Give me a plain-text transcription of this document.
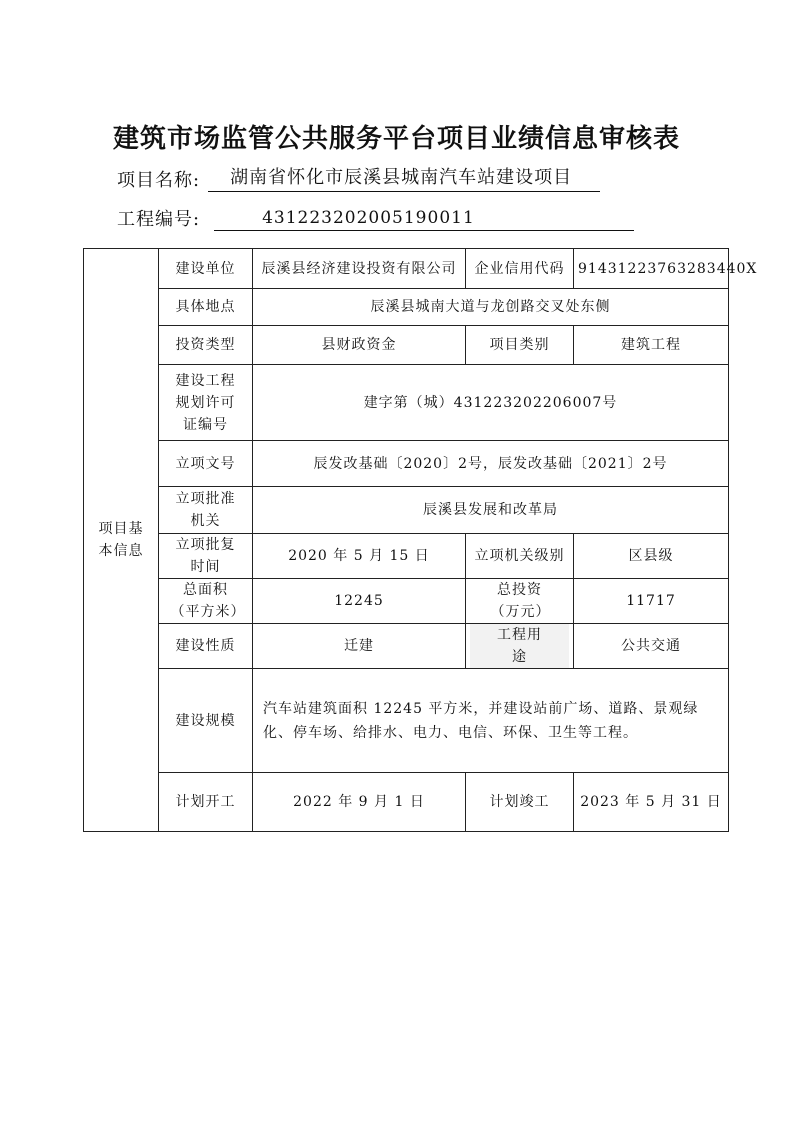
建筑市场监管公共服务平台项目业绩信息审核表
项目名称:	湖南省怀化市辰溪县城南汽车站建设项目
工程编号:	431223202005190011
项目基本信息	建设单位	辰溪县经济建设投资有限公司	企业信用代码	91431223763283440X
	具体地点	辰溪县城南大道与龙创路交叉处东侧		
	投资类型	县财政资金	项目类别	建筑工程

	建设工程规划许可证编号	建字第（城）431223202206007号		
	立项文号	辰发改基础〔2020〕2号，辰发改基础〔2021〕2号		

	立项批准机关	辰溪县发展和改革局		

	立项批复时间	2020 年 5 月 15 日	立项机关级别	区县级

	总面积（平方米）	12245	总投资（万元）	11717
	建设性质	迁建	工程用途	公共交通
	建设规模	汽车站建筑面积 12245 平方米，并建设站前广场、道路、景观绿化、停车场、给排水、电力、电信、环保、卫生等工程。		

	计划开工	2022 年 9 月 1 日	计划竣工	2023 年 5 月 31 日
